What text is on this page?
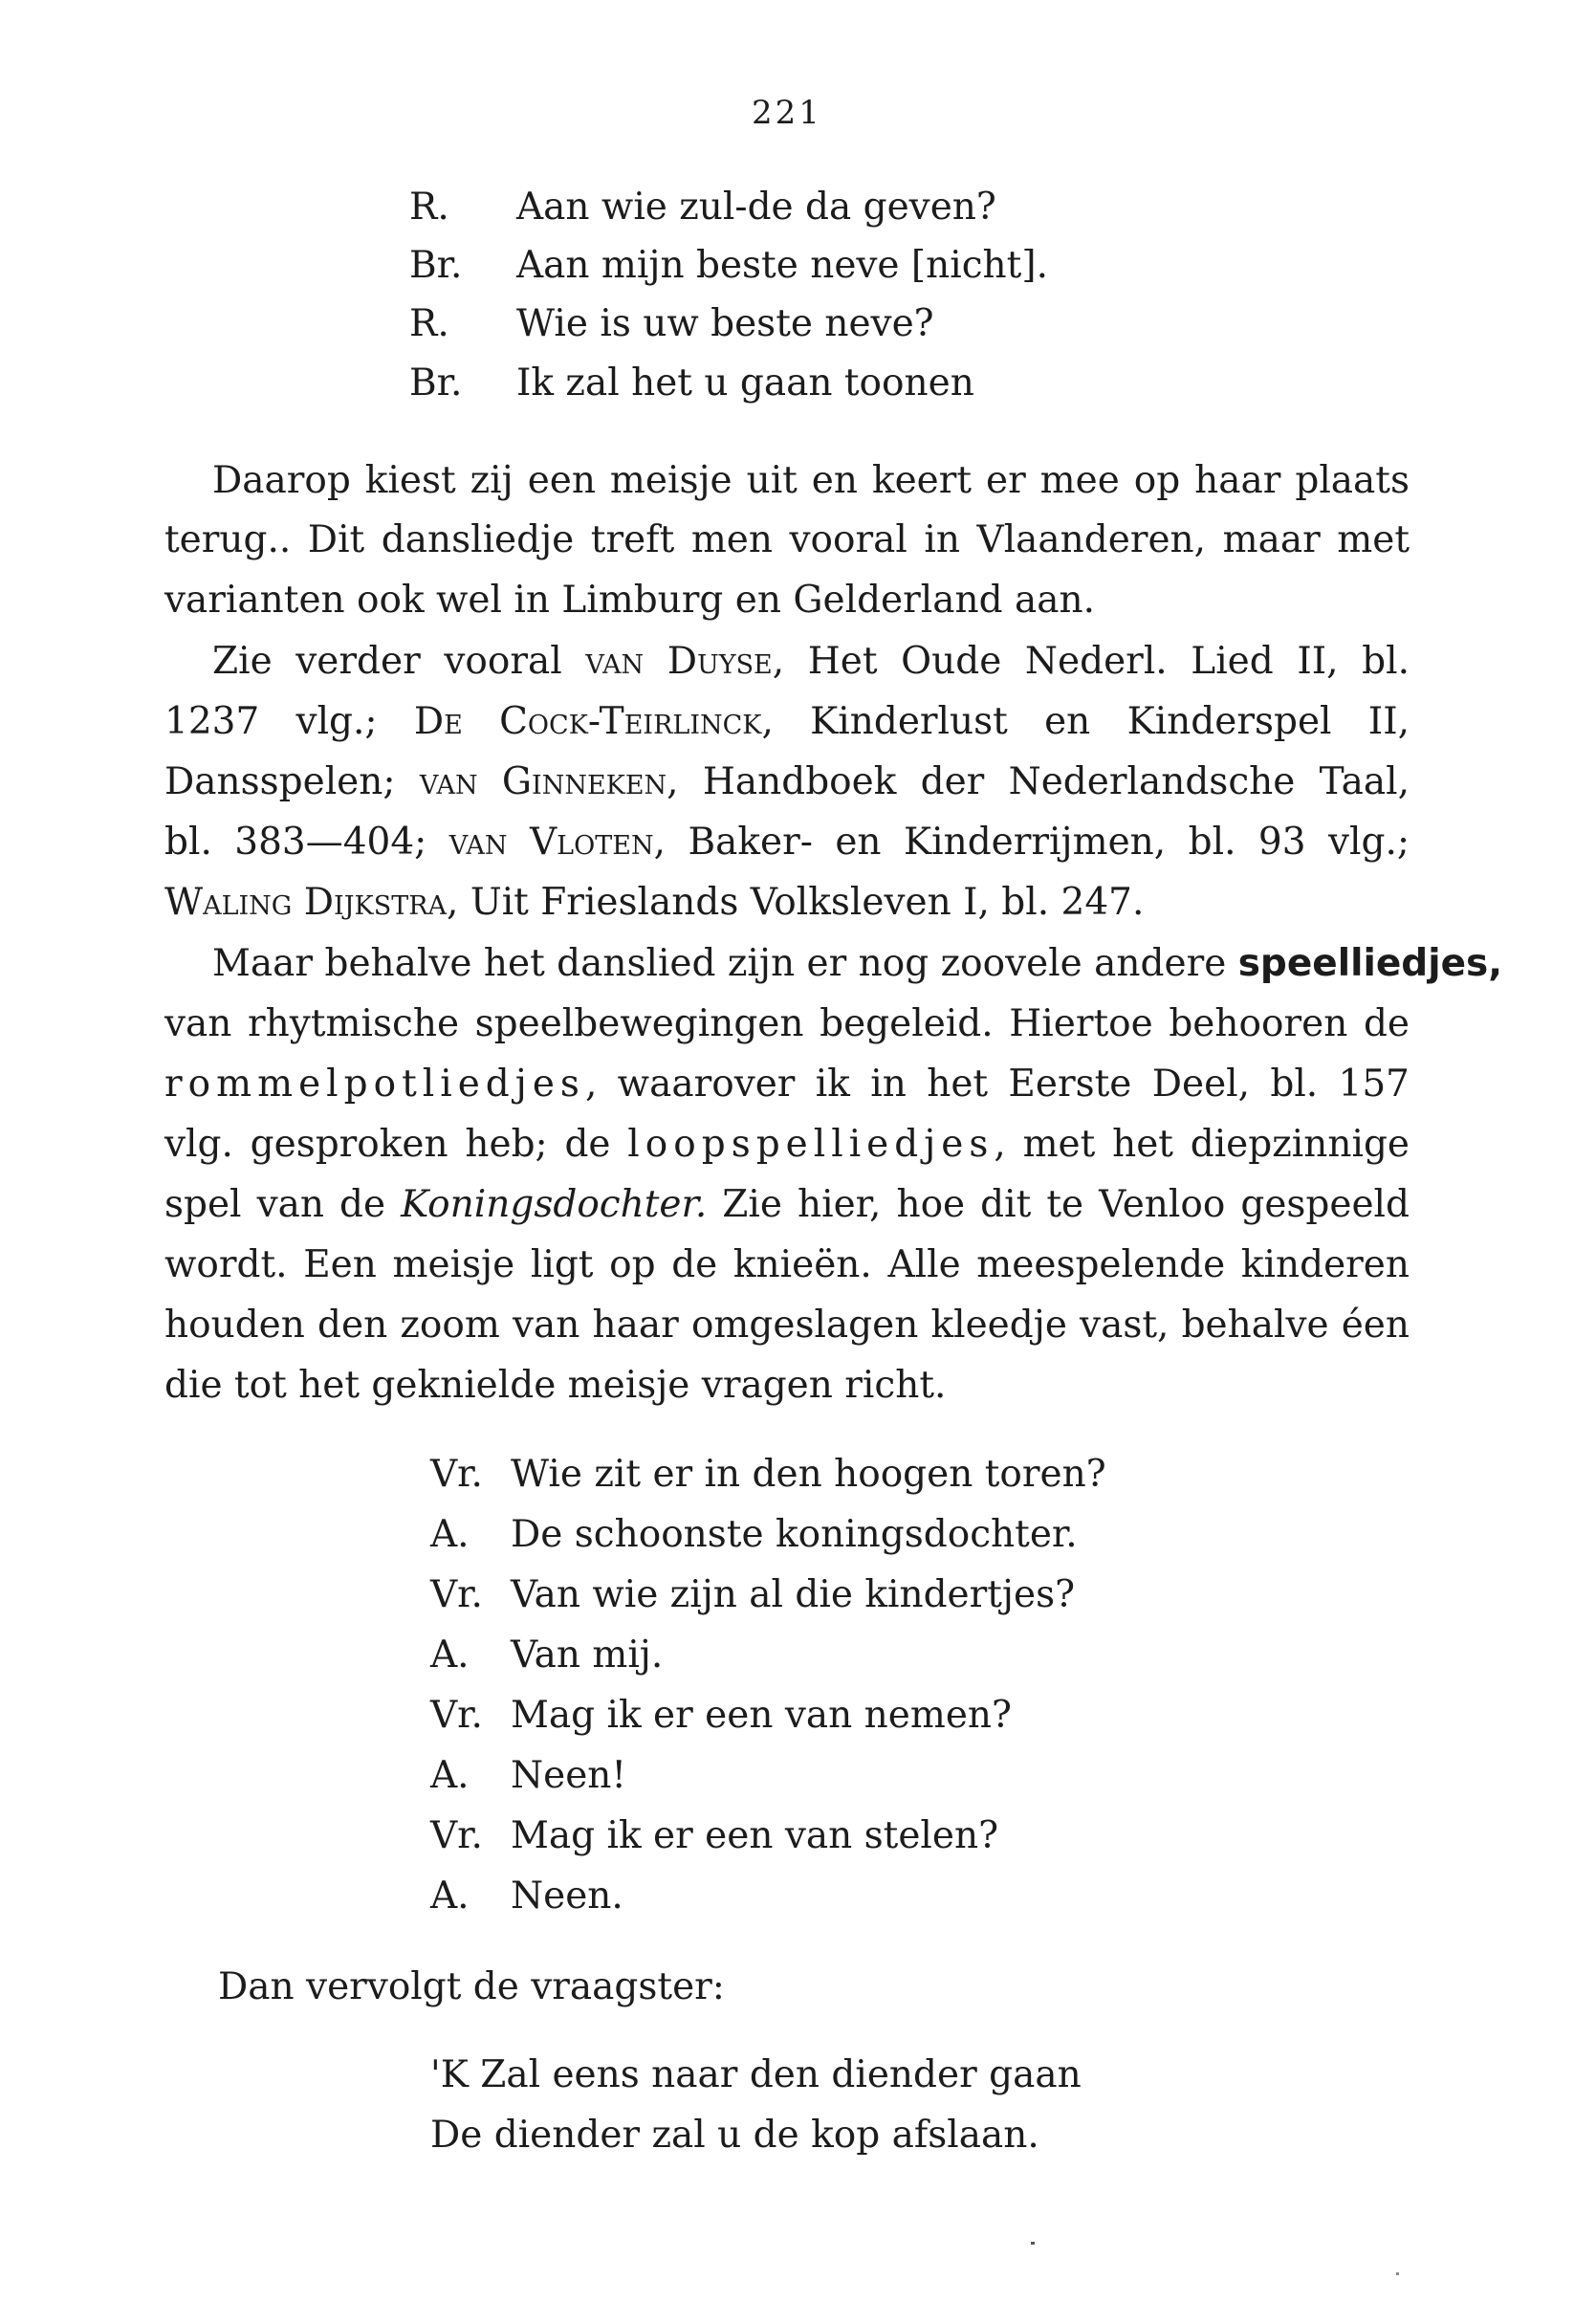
221
R. Aan wie zul-de da geven?
Br. Aan mijn beste neve [nicht].
R. Wie is uw beste neve?
Br. Ik zal het u gaan toonen
Daarop kiest zij een meisje uit en keert er mee op haar plaats
terug.. Dit dansliedje treft men vooral in Vlaanderen, maar met
varianten ook wel in Limburg en Gelderland aan.
Zie verder vooral van Duyse, Het Oude Nederl. Lied II, bl.
1237 vlg.; De Cock-Teirlinck, Kinderlust en Kinderspel II,
Dansspelen; van Ginneken, Handboek der Nederlandsche Taal,
bl. 383—404; van Vloten, Baker- en Kinderrijmen, bl. 93 vlg.;
Waling Dijkstra, Uit Frieslands Volksleven I, bl. 247.
Maar behalve het danslied zijn er nog zoovele andere speelliedjes,
van rhytmische speelbewegingen begeleid. Hiertoe behooren de
rommelpotliedjes, waarover ik in het Eerste Deel, bl. 157
vlg. gesproken heb; de loopspelliedjes, met het diepzinnige
spel van de Koningsdochter. Zie hier, hoe dit te Venloo gespeeld
wordt. Een meisje ligt op de knieën. Alle meespelende kinderen
houden den zoom van haar omgeslagen kleedje vast, behalve éen
die tot het geknielde meisje vragen richt.
Vr. Wie zit er in den hoogen toren?
A. De schoonste koningsdochter.
Vr. Van wie zijn al die kindertjes?
A. Van mij.
Vr. Mag ik er een van nemen?
A. Neen!
Vr. Mag ik er een van stelen?
A. Neen.
Dan vervolgt de vraagster:
'K Zal eens naar den diender gaan
De diender zal u de kop afslaan.
